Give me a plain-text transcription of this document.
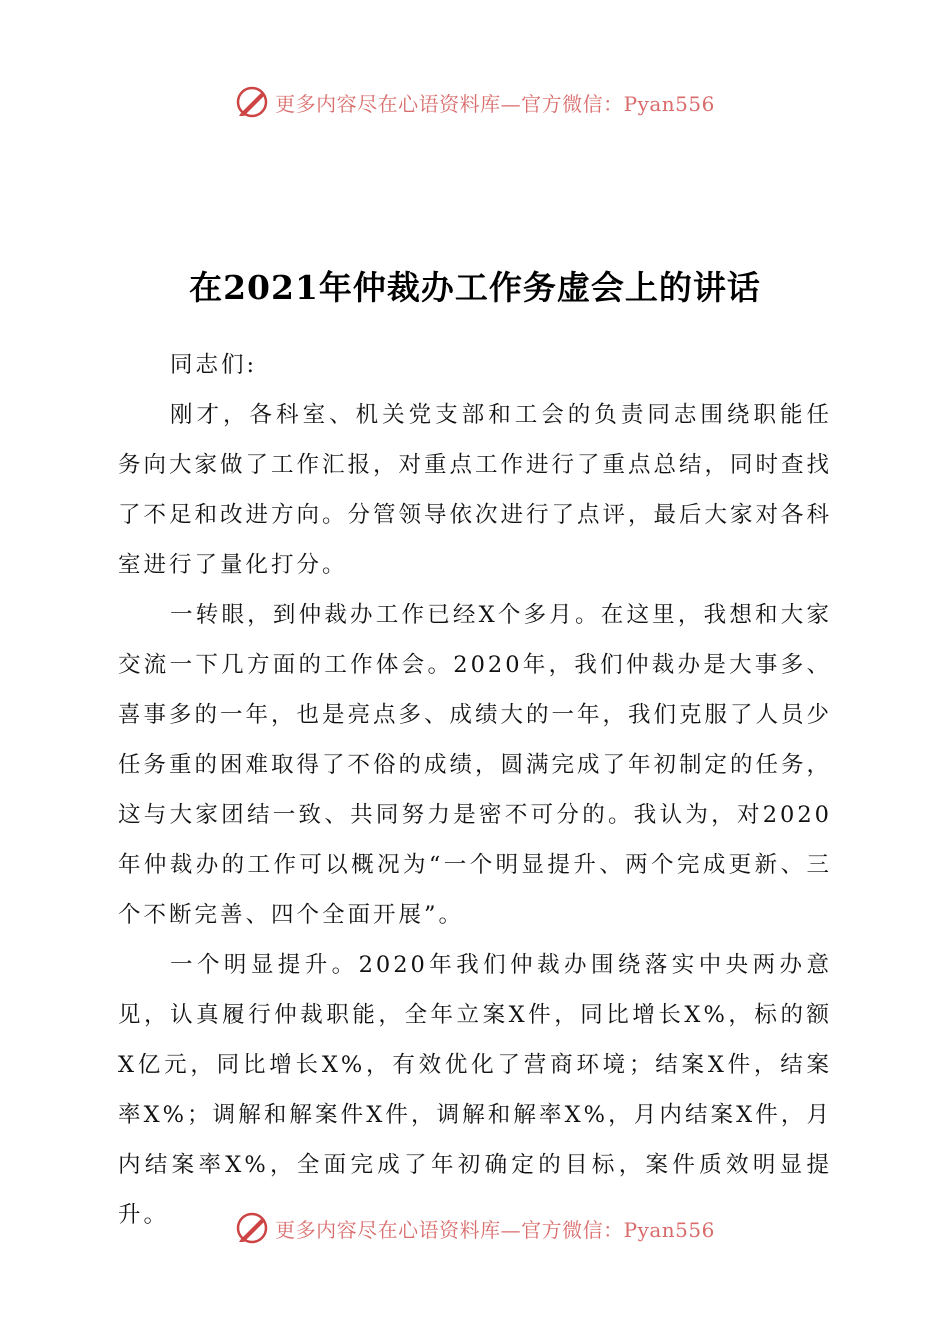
更多内容尽在心语资料库—官方微信：Pyan556
在2021年仲裁办工作务虚会上的讲话

同志们:

刚才，各科室、机关党支部和工会的负责同志围绕职能任务向大家做了工作汇报，对重点工作进行了重点总结，同时查找了不足和改进方向。分管领导依次进行了点评，最后大家对各科室进行了量化打分。

一转眼，到仲裁办工作已经X个多月。在这里，我想和大家交流一下几方面的工作体会。2020年，我们仲裁办是大事多、喜事多的一年，也是亮点多、成绩大的一年，我们克服了人员少任务重的困难取得了不俗的成绩，圆满完成了年初制定的任务，这与大家团结一致、共同努力是密不可分的。我认为，对2020年仲裁办的工作可以概况为“一个明显提升、两个完成更新、三个不断完善、四个全面开展”。

一个明显提升。2020年我们仲裁办围绕落实中央两办意见，认真履行仲裁职能，全年立案X件，同比增长X%，标的额X亿元，同比增长X%，有效优化了营商环境；结案X件，结案率X%；调解和解案件X件，调解和解率X%，月内结案X件，月内结案率X%，全面完成了年初确定的目标，案件质效明显提升。

更多内容尽在心语资料库—官方微信：Pyan556
